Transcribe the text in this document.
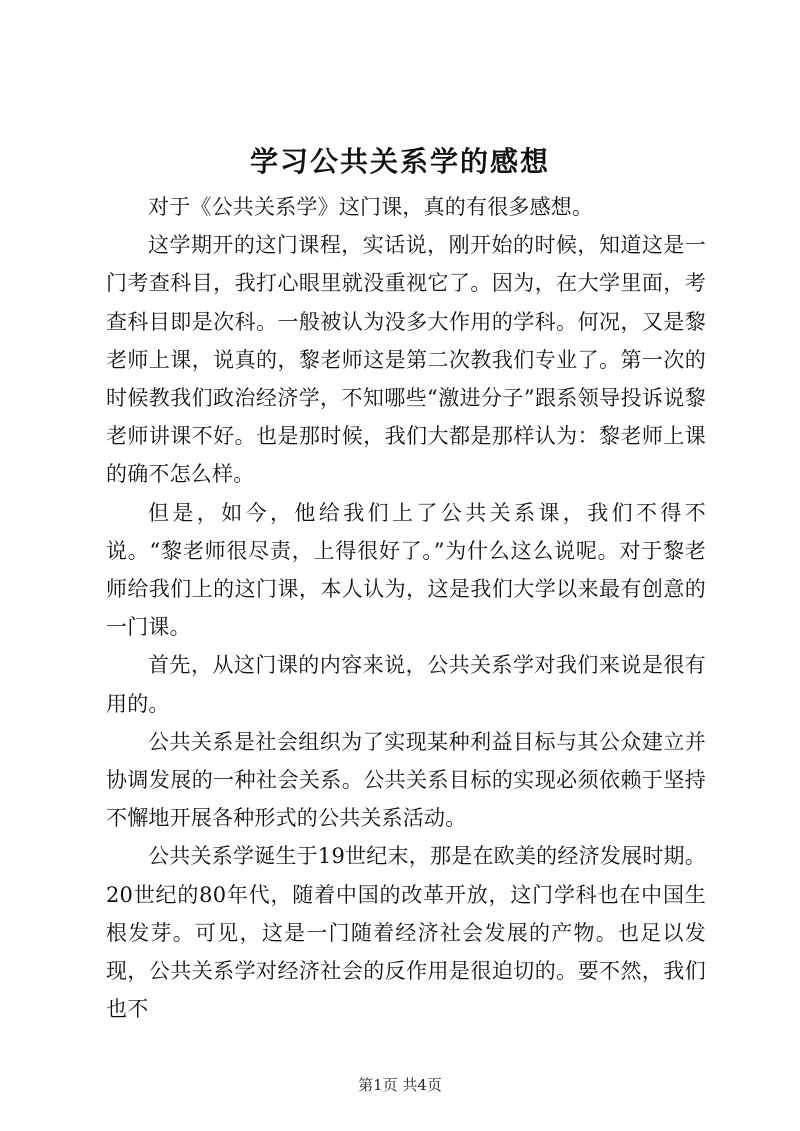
学习公共关系学的感想

对于《公共关系学》这门课，真的有很多感想。

这学期开的这门课程，实话说，刚开始的时候，知道这是一门考查科目，我打心眼里就没重视它了。因为，在大学里面，考查科目即是次科。一般被认为没多大作用的学科。何况，又是黎老师上课，说真的，黎老师这是第二次教我们专业了。第一次的时候教我们政治经济学，不知哪些“激进分子”跟系领导投诉说黎老师讲课不好。也是那时候，我们大都是那样认为：黎老师上课的确不怎么样。

但是，如今，他给我们上了公共关系课，我们不得不说。“黎老师很尽责，上得很好了。”为什么这么说呢。对于黎老师给我们上的这门课，本人认为，这是我们大学以来最有创意的一门课。

首先，从这门课的内容来说，公共关系学对我们来说是很有用的。

公共关系是社会组织为了实现某种利益目标与其公众建立并协调发展的一种社会关系。公共关系目标的实现必须依赖于坚持不懈地开展各种形式的公共关系活动。

公共关系学诞生于19世纪末，那是在欧美的经济发展时期。20世纪的80年代，随着中国的改革开放，这门学科也在中国生根发芽。可见，这是一门随着经济社会发展的产物。也足以发现，公共关系学对经济社会的反作用是很迫切的。要不然，我们也不

第1页 共4页
